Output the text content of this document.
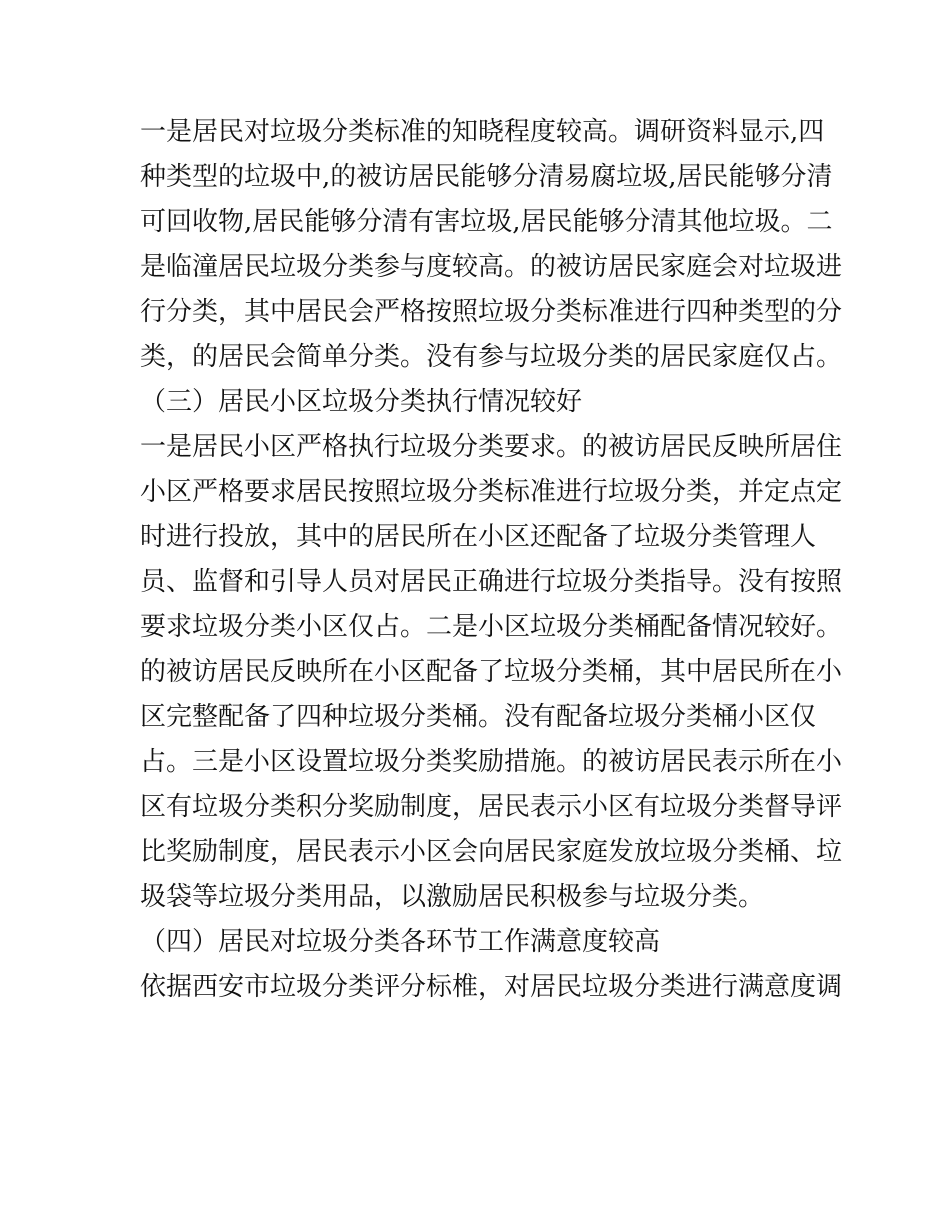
一是居民对垃圾分类标准的知晓程度较高。调研资料显示,四
种类型的垃圾中,的被访居民能够分清易腐垃圾,居民能够分清
可回收物,居民能够分清有害垃圾,居民能够分清其他垃圾。二
是临潼居民垃圾分类参与度较高。的被访居民家庭会对垃圾进
行分类，其中居民会严格按照垃圾分类标准进行四种类型的分
类，的居民会简单分类。没有参与垃圾分类的居民家庭仅占。
（三）居民小区垃圾分类执行情况较好
一是居民小区严格执行垃圾分类要求。的被访居民反映所居住
小区严格要求居民按照垃圾分类标准进行垃圾分类，并定点定
时进行投放，其中的居民所在小区还配备了垃圾分类管理人
员、监督和引导人员对居民正确进行垃圾分类指导。没有按照
要求垃圾分类小区仅占。二是小区垃圾分类桶配备情况较好。
的被访居民反映所在小区配备了垃圾分类桶，其中居民所在小
区完整配备了四种垃圾分类桶。没有配备垃圾分类桶小区仅
占。三是小区设置垃圾分类奖励措施。的被访居民表示所在小
区有垃圾分类积分奖励制度，居民表示小区有垃圾分类督导评
比奖励制度，居民表示小区会向居民家庭发放垃圾分类桶、垃
圾袋等垃圾分类用品，以激励居民积极参与垃圾分类。
（四）居民对垃圾分类各环节工作满意度较高
依据西安市垃圾分类评分标椎，对居民垃圾分类进行满意度调
